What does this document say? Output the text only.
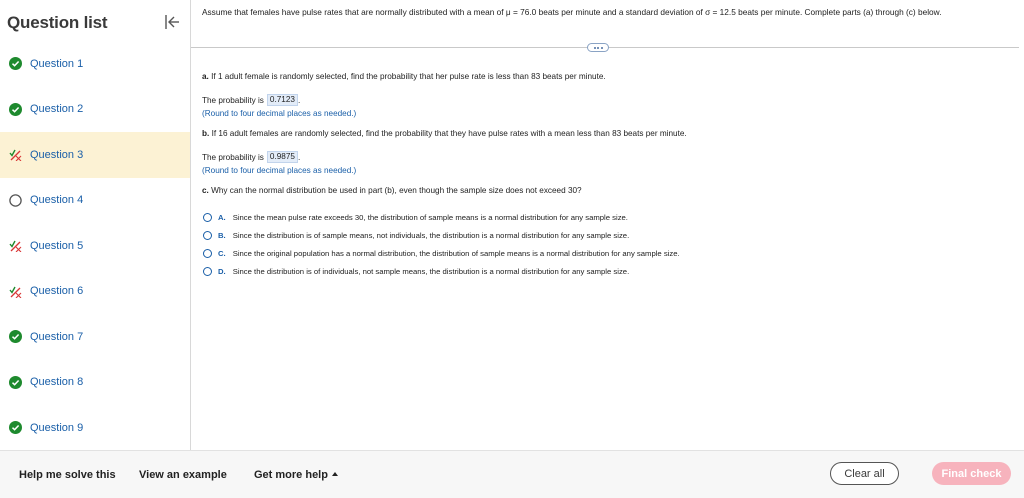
Question list
Question 1
Question 2
Question 3
Question 4
Question 5
Question 6
Question 7
Question 8
Question 9
Assume that females have pulse rates that are normally distributed with a mean of μ = 76.0 beats per minute and a standard deviation of σ = 12.5 beats per minute. Complete parts (a) through (c) below.
a. If 1 adult female is randomly selected, find the probability that her pulse rate is less than 83 beats per minute.
The probability is 0.7123 .
(Round to four decimal places as needed.)
b. If 16 adult females are randomly selected, find the probability that they have pulse rates with a mean less than 83 beats per minute.
The probability is 0.9875 .
(Round to four decimal places as needed.)
c. Why can the normal distribution be used in part (b), even though the sample size does not exceed 30?
A. Since the mean pulse rate exceeds 30, the distribution of sample means is a normal distribution for any sample size.
B. Since the distribution is of sample means, not individuals, the distribution is a normal distribution for any sample size.
C. Since the original population has a normal distribution, the distribution of sample means is a normal distribution for any sample size.
D. Since the distribution is of individuals, not sample means, the distribution is a normal distribution for any sample size.
Help me solve this View an example Get more help	Clear all	Final check
